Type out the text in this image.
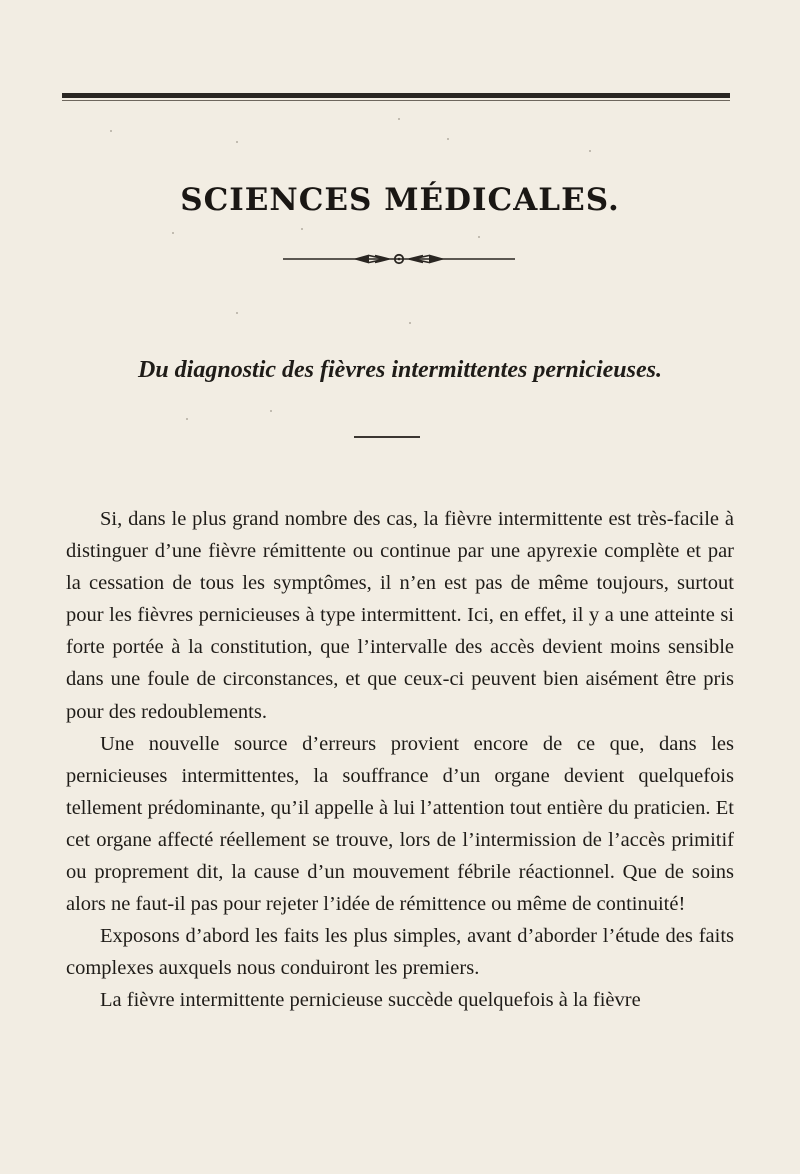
SCIENCES MÉDICALES.
Du diagnostic des fièvres intermittentes pernicieuses.

Si, dans le plus grand nombre des cas, la fièvre intermittente est très-facile à distinguer d’une fièvre rémittente ou continue par une apyrexie complète et par la cessation de tous les symptômes, il n’en est pas de même toujours, surtout pour les fièvres pernicieuses à type intermittent. Ici, en effet, il y a une atteinte si forte portée à la constitution, que l’intervalle des accès devient moins sensible dans une foule de circonstances, et que ceux-ci peuvent bien aisément être pris pour des redoublements.

Une nouvelle source d’erreurs provient encore de ce que, dans les pernicieuses intermittentes, la souffrance d’un organe devient quelquefois tellement prédominante, qu’il appelle à lui l’attention tout entière du praticien. Et cet organe affecté réellement se trouve, lors de l’intermission de l’accès primitif ou proprement dit, la cause d’un mouvement fébrile réactionnel. Que de soins alors ne faut-il pas pour rejeter l’idée de rémittence ou même de continuité!

Exposons d’abord les faits les plus simples, avant d’aborder l’étude des faits complexes auxquels nous conduiront les premiers.

La fièvre intermittente pernicieuse succède quelquefois à la fièvre
